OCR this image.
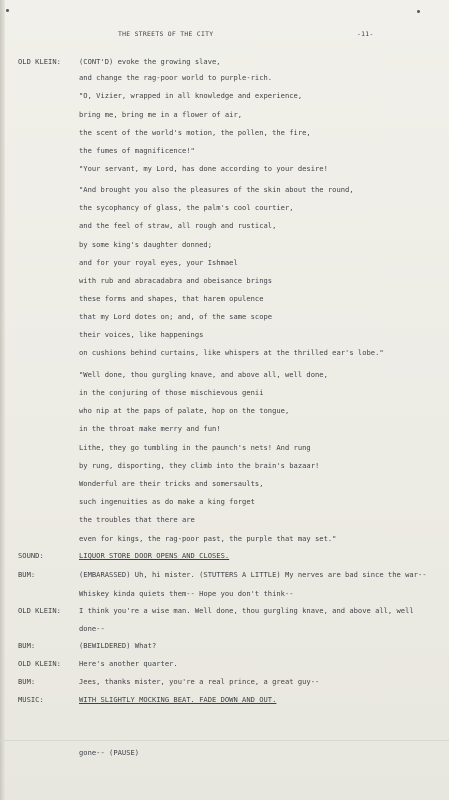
THE STREETS OF THE CITY	-11-
OLD KLEIN:	(CONT'D) evoke the growing slave,
and change the rag-poor world to purple-rich.
"O, Vizier, wrapped in all knowledge and experience,
bring me, bring me in a flower of air,
the scent of the world's motion, the pollen, the fire,
the fumes of magnificence!"
"Your servant, my Lord, has done according to your desire!
"And brought you also the pleasures of the skin about the round,
the sycophancy of glass, the palm's cool courtier,
and the feel of straw, all rough and rustical,
by some king's daughter donned;
and for your royal eyes, your Ishmael
with rub and abracadabra and obeisance brings
these forms and shapes, that harem opulence
that my Lord dotes on; and, of the same scope
their voices, like happenings
on cushions behind curtains, like whispers at the thrilled ear's lobe."
"Well done, thou gurgling knave, and above all, well done,
in the conjuring of those mischievous genii
who nip at the paps of palate, hop on the tongue,
in the throat make merry and fun!
Lithe, they go tumbling in the paunch's nets! And rung
by rung, disporting, they climb into the brain's bazaar!
Wonderful are their tricks and somersaults,
such ingenuities as do make a king forget
the troubles that there are
even for kings, the rag-poor past, the purple that may set."
SOUND:	LIQUOR STORE DOOR OPENS AND CLOSES.
BUM:	(EMBARASSED) Uh, hi mister. (STUTTERS A LITTLE) My nerves are bad since the war--
Whiskey kinda quiets them-- Hope you don't think--
OLD KLEIN:	I think you're a wise man. Well done, thou gurgling knave, and above all, well
done--
BUM:	(BEWILDERED) What?
OLD KLEIN:	Here's another quarter.
BUM:	Jees, thanks mister, you're a real prince, a great guy--
MUSIC:	WITH SLIGHTLY MOCKING BEAT. FADE DOWN AND OUT.
gone-- (PAUSE)
